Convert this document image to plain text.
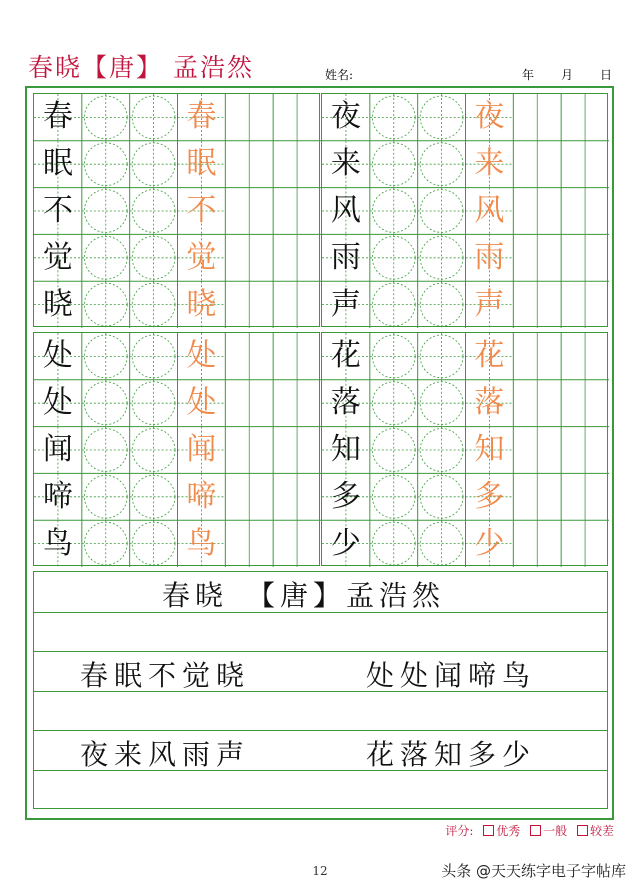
春晓【唐】 孟浩然	姓名:	年 月 日
春	春
眠	眠
不	不
觉	觉
晓	晓
夜	夜
来	来
风	风
雨	雨
声	声
处	处
处	处
闻	闻
啼	啼
鸟	鸟
花	花
落	落
知	知
多	多
少	少
春晓　【唐】孟浩然
春眠不觉晓	处处闻啼鸟
夜来风雨声	花落知多少
评分: 优秀 一般 较差
12	头条 @天天练字电子字帖库
